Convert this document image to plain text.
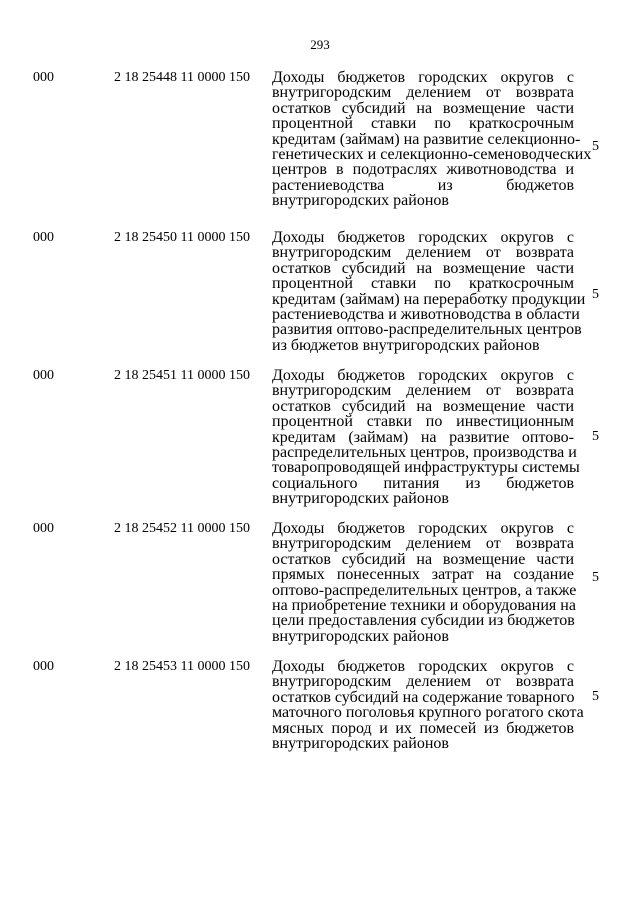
293
000	2 18 25448 11 0000 150	Доходы бюджетов городских округов с
внутригородским делением от возврата
остатков субсидий на возмещение части
процентной ставки по краткосрочным
кредитам (займам) на развитие селекционно-
генетических и селекционно-семеноводческих
центров в подотраслях животноводства и
растениеводства из бюджетов
внутригородских районов
5
000	2 18 25450 11 0000 150	Доходы бюджетов городских округов с
внутригородским делением от возврата
остатков субсидий на возмещение части
процентной ставки по краткосрочным
кредитам (займам) на переработку продукции
растениеводства и животноводства в области
развития оптово-распределительных центров
из бюджетов внутригородских районов
5
000	2 18 25451 11 0000 150	Доходы бюджетов городских округов с
внутригородским делением от возврата
остатков субсидий на возмещение части
процентной ставки по инвестиционным
кредитам (займам) на развитие оптово-
распределительных центров, производства и
товаропроводящей инфраструктуры системы
социального питания из бюджетов
внутригородских районов
5
000	2 18 25452 11 0000 150	Доходы бюджетов городских округов с
внутригородским делением от возврата
остатков субсидий на возмещение части
прямых понесенных затрат на создание
оптово-распределительных центров, а также
на приобретение техники и оборудования на
цели предоставления субсидии из бюджетов
внутригородских районов
5
000	2 18 25453 11 0000 150	Доходы бюджетов городских округов с
внутригородским делением от возврата
остатков субсидий на содержание товарного
маточного поголовья крупного рогатого скота
мясных пород и их помесей из бюджетов
внутригородских районов
5
